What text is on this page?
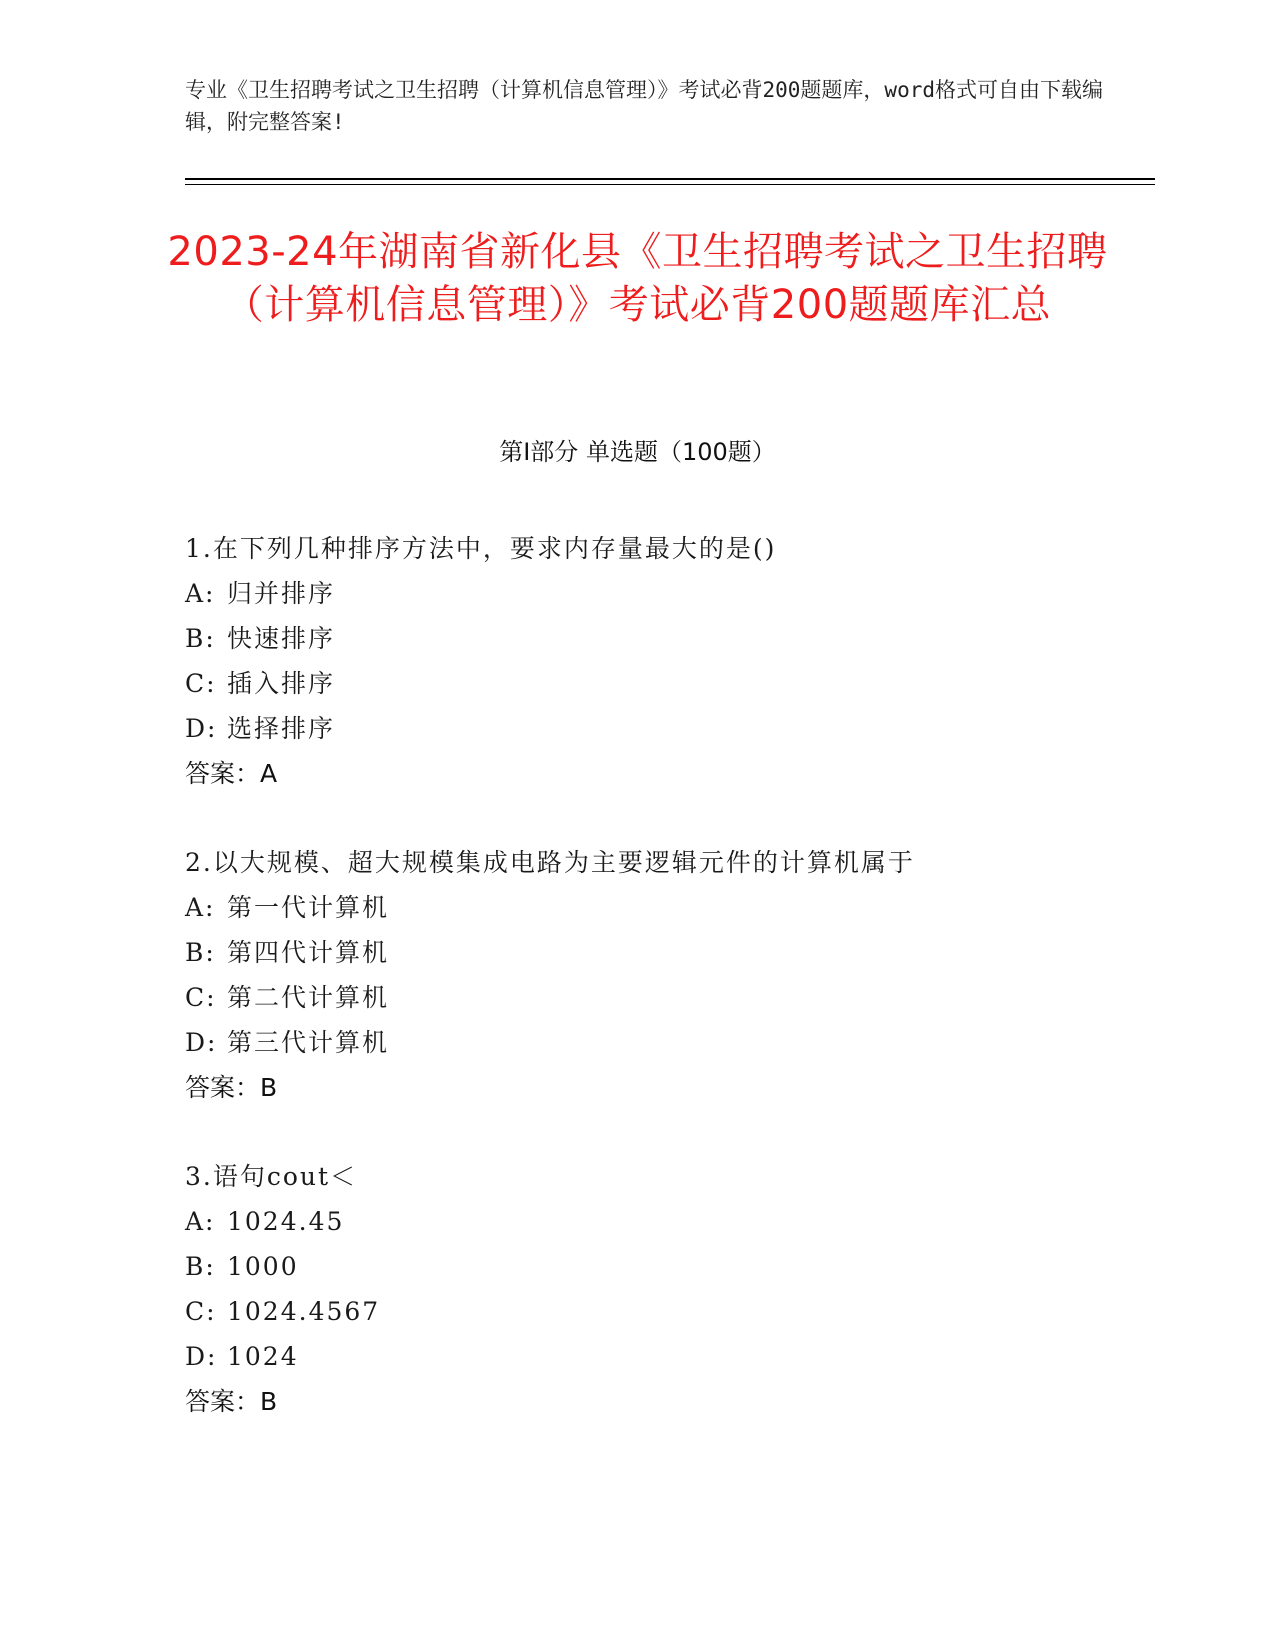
专业《卫生招聘考试之卫生招聘（计算机信息管理）》考试必背200题题库，word格式可自由下载编辑，附完整答案!
2023-24年湖南省新化县《卫生招聘考试之卫生招聘（计算机信息管理）》考试必背200题题库汇总
第I部分 单选题（100题）
1.在下列几种排序方法中，要求内存量最大的是()
A: 归并排序
B: 快速排序
C: 插入排序
D: 选择排序
答案：A
2.以大规模、超大规模集成电路为主要逻辑元件的计算机属于
A: 第一代计算机
B: 第四代计算机
C: 第二代计算机
D: 第三代计算机
答案：B
3.语句cout＜
A: 1024.45
B: 1000
C: 1024.4567
D: 1024
答案：B
